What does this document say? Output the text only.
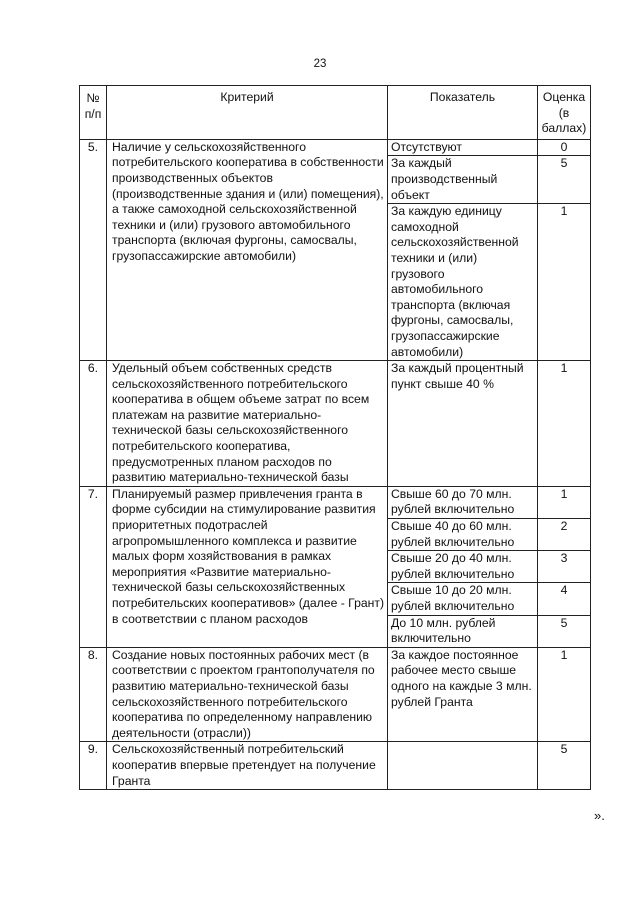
23
№ п/п	Критерий	Показатель	Оценка (в баллах)
5.	Наличие у сельскохозяйственного потребительского кооператива в собственности производственных объектов (производственные здания и (или) помещения), а также самоходной сельскохозяйственной техники и (или) грузового автомобильного транспорта (включая фургоны, самосвалы, грузопассажирские автомобили)	Отсутствуют	0
		За каждый производственный объект	5
		За каждую единицу самоходной сельскохозяйственной техники и (или) грузового автомобильного транспорта (включая фургоны, самосвалы, грузопассажирские автомобили)	1
6.	Удельный объем собственных средств сельскохозяйственного потребительского кооператива в общем объеме затрат по всем платежам на развитие материально-технической базы сельскохозяйственного потребительского кооператива, предусмотренных планом расходов по развитию материально-технической базы	За каждый процентный пункт свыше 40 %	1
7.	Планируемый размер привлечения гранта в форме субсидии на стимулирование развития приоритетных подотраслей агропромышленного комплекса и развитие малых форм хозяйствования в рамках мероприятия «Развитие материально-технической базы сельскохозяйственных потребительских кооперативов» (далее - Грант) в соответствии с планом расходов	Свыше 60 до 70 млн. рублей включительно	1
		Свыше 40 до 60 млн. рублей включительно	2
		Свыше 20 до 40 млн. рублей включительно	3
		Свыше 10 до 20 млн. рублей включительно	4
		До 10 млн. рублей включительно	5
8.	Создание новых постоянных рабочих мест (в соответствии с проектом грантополучателя по развитию материально-технической базы сельскохозяйственного потребительского кооператива по определенному направлению деятельности (отрасли))	За каждое постоянное рабочее место свыше одного на каждые 3 млн. рублей Гранта	1
9.	Сельскохозяйственный потребительский кооператив впервые претендует на получение Гранта		5
».
